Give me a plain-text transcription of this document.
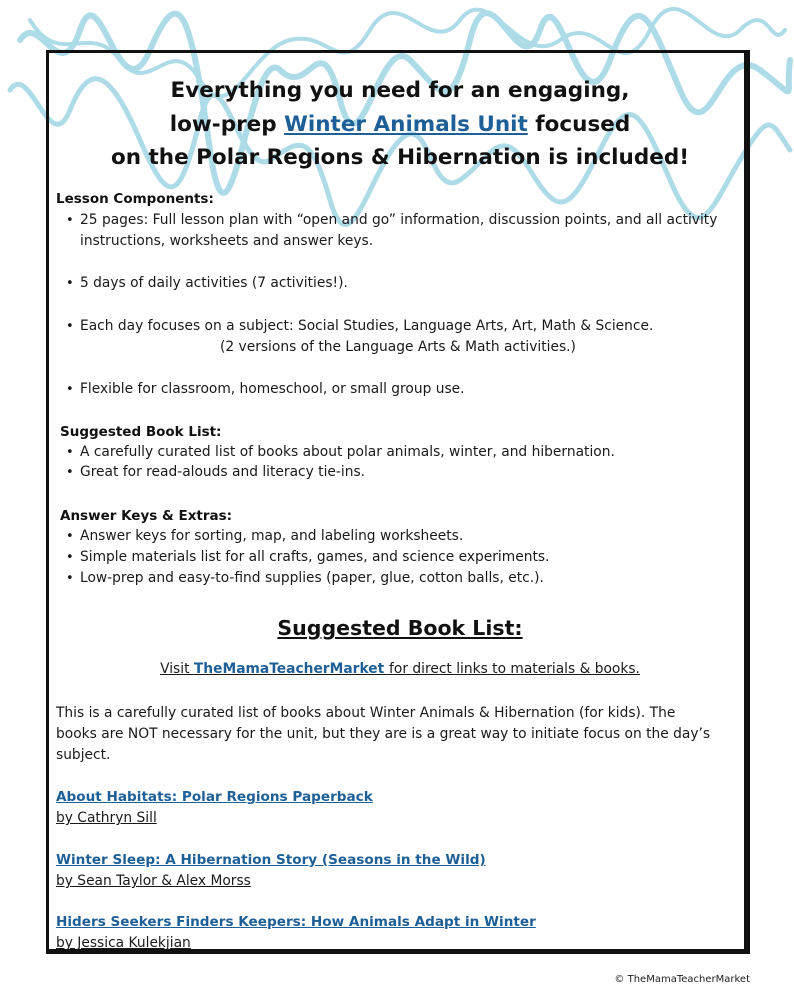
Everything you need for an engaging,
low-prep Winter Animals Unit focused
on the Polar Regions & Hibernation is included!
Lesson Components:
• 25 pages: Full lesson plan with “open and go” information, discussion points, and all activity
instructions, worksheets and answer keys.
• 5 days of daily activities (7 activities!).
• Each day focuses on a subject: Social Studies, Language Arts, Art, Math & Science.
(2 versions of the Language Arts & Math activities.)
• Flexible for classroom, homeschool, or small group use.
Suggested Book List:
• A carefully curated list of books about polar animals, winter, and hibernation.
• Great for read-alouds and literacy tie-ins.
Answer Keys & Extras:
• Answer keys for sorting, map, and labeling worksheets.
• Simple materials list for all crafts, games, and science experiments.
• Low-prep and easy-to-find supplies (paper, glue, cotton balls, etc.).
Suggested Book List:
Visit TheMamaTeacherMarket for direct links to materials & books.
This is a carefully curated list of books about Winter Animals & Hibernation (for kids). The
books are NOT necessary for the unit, but they are is a great way to initiate focus on the day’s
subject.
About Habitats: Polar Regions Paperback
by Cathryn Sill
Winter Sleep: A Hibernation Story (Seasons in the Wild)
by Sean Taylor & Alex Morss
Hiders Seekers Finders Keepers: How Animals Adapt in Winter
by Jessica Kulekjian
© TheMamaTeacherMarket
